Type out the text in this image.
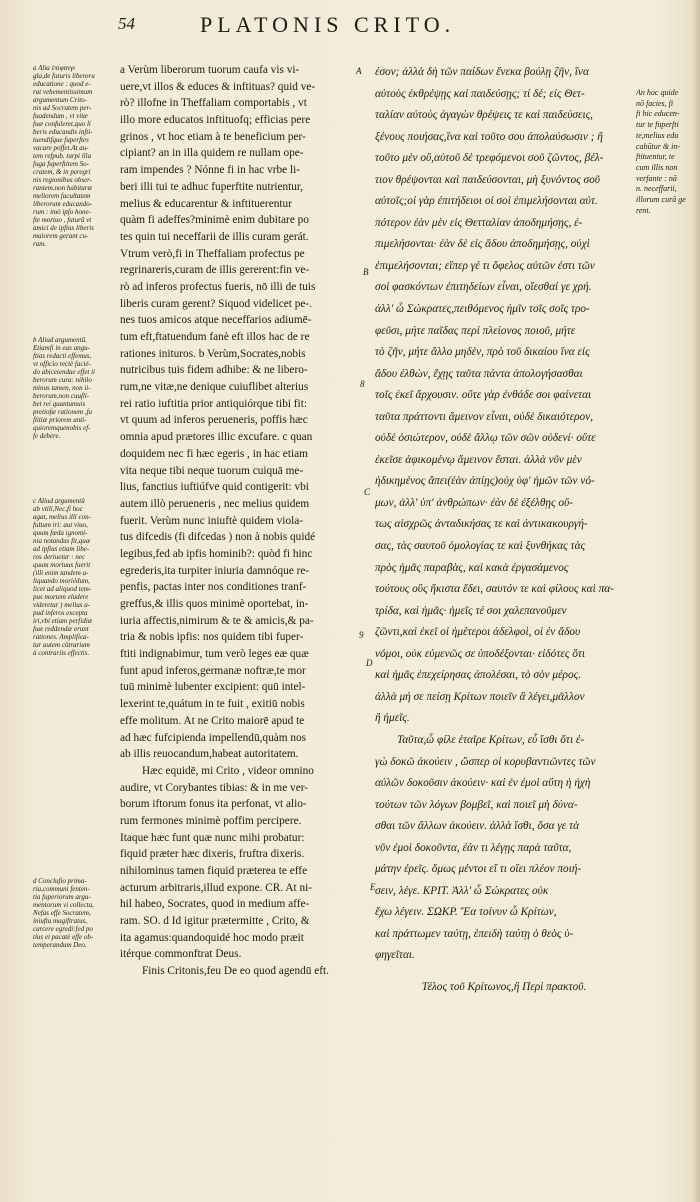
54	PLATONIS CRITO.
a Alia ἐπιφανγι
gla,de futuris liberoru
educatione : quod e-
rat vehementissimum
argumentum Crito-
nis ad Socratem per-
fuadendum , vt vitæ
fuæ confuleret,quo li
beris educandis infti-
tuendifque fuperftes
vacare poffet.At au-
tem refpub. turpi illa
fuga fuperftitem So-
cratem, & in peregri
nis regionibus obser-
rantem,non habituræ
meliorem facultatem
liberorum educando-
rum : imò ipfo hone-
fte mortuo , futurū vt
amici de ipfius liberis
maiorem gerant cu-
ram.
b Aliud argumentū.
Etiamfi in eas angu-
ftias redacti effemus,
vt officio rectè facié-
do abiceiendae effet ii
berorum cura: nihilo
minus tamen, non ii-
berorum,non cuuflí-
bet rei quantumuis
pretiofæ rationem ,fu
ftitiæ priorem anti-
quioremquenobis ef-
fe debere.
c Aliud argumentū
ab vtili,Nec,fi hoc
agat, melius illi con-
fultum iri: aut viuo,
quum fœda ignomi-
nia notandus fit,quæ
ad ipfius etiam libe-
ros deriuetur : nec
quum mortuus fuerit
(illi enim tandem a-
liquando moriédum,
licet ad aliquod tem-
pus mortem eludere
videretur ) melius a-
pud inferos excepta
iri,vbi etiam perfidiæ
fuæ reddendæ erunt
rationes. Amplifica-
tur autem cötrarium
à contrariis effectis.
d Conclufio prima-
ria,communi fenten-
tia fuperiorum argu-
mentorum vi collecta,
Nefas effe Socratem,
iniuftu magiftratus,
carcere egredi:fed po
tius ei pacatè effe ob-
temperandum Deo.
a Verùm liberorum tuorum caufa vis vi-
uere,vt illos & educes & inftituas? quid ve-
rò? illofne in Theffaliam comportabis , vt
illo more educatos inftituofq; efficias pere
grinos , vt hoc etiam à te beneficium per-
cipiant? an in illa quidem re nullam ope-
ram impendes ? Nónne fi in hac vrbe li-
beri illi tui te adhuc fuperftite nutrientur,
melius & educarentur & inftituerentur
quàm fi adeffes?minimè enim dubitare po
tes quin tui neceffarii de illis curam gerát.
Vtrum verò,fi in Theffaliam profectus pe
regrinareris,curam de illis gererent:fin ve-
rò ad inferos profectus fueris, nō illi de tuis
liberis curam gerent? Siquod videlicet pe-.
nes tuos amicos atque neceffarios adiumē-
tum eft,ftatuendum fanè eft illos hac de re
rationes inituros. b Verùm,Socrates,nobis
nutricibus tuis fidem adhibe: & ne libero-
rum,ne vitæ,ne denique cuiuflibet alterius
rei ratio iuftitia prior antiquiórque tibi fit:
vt quum ad inferos perueneris, poffis hæc
omnia apud prætores illic excufare. c quan
doquidem nec fi hæc egeris , in hac etiam
vita neque tibi neque tuorum cuiquā me-
lius, fanctius iuftiúfve quid contigerit: vbi
autem illò perueneris , nec melius quidem
fuerit. Verùm nunc iniuftè quidem viola-
tus difcedis (fi difcedas ) non à nobis quidé
legibus,fed ab ipfis hominib?: quòd fi hinc
egrederis,ita turpiter iniuria damnóque re-
penfis, pactas inter nos conditiones tranf-
greffus,& illis quos minimè oportebat, in-
iuria affectis,nimirum & te & amicis,& pa-
tria & nobis ipfis: nos quidem tibi fuper-
ftiti indignabimur, tum verò leges eæ quæ
funt apud inferos,germanæ noftræ,te mor
tuū minimè lubenter excipient: quū intel-
lexerint te,quátum in te fuit , exitiū nobis
effe molitum. At ne Crito maiorē apud te
ad hæc fufcipienda impellendū,quàm nos
ab illis reuocandum,habeat autoritatem.
Hæc equidē, mi Crito , videor omnino
audire, vt Corybantes tibias: & in me ver-
borum iftorum fonus ita perfonat, vt alio-
rum fermones minimè poffim percipere.
Itaque hæc funt quæ nunc mihi probatur:
fiquid præter hæc dixeris, fruftra dixeris.
nihilominus tamen fiquid præterea te effe
acturum arbitraris,illud expone. CR. At ni-
hil habeo, Socrates, quod in medium affe-
ram. SO. d Id igitur prætermitte , Crito, &
ita agamus:quandoquidé hoc modo præit
itérque commonftrat Deus.
Finis Critonis,feu De eo quod agendū eft.
A
B
8
C
9
D
E
ἐσον; ἀλλὰ δὴ τῶν παίδων ἕνεκα βούλῃ ζῆν, ἵνα
αὐτοὺς ἐκθρέψῃς καὶ παιδεύσῃς; τί δέ; εἰς Θετ-
ταλίαν αὐτοὺς ἀγαγὼν θρέψεις τε καὶ παιδεύσεις,
ξένους ποιήσας,ἵνα καὶ τοῦτο σου ἀπολαύσωσιν ; ἢ
τοῦτο μὲν οὔ,αὐτοῦ δὲ τρεφόμενοι σοῦ ζῶντος, βέλ-
τιον θρέψονται καὶ παιδεύσονται, μὴ ξυνόντος σοῦ
αὐτοῖς;οἱ γὰρ ἐπιτήδειοι οἱ σοὶ ἐπιμελήσονται αὐτ.
πότερον ἐὰν μὲν εἰς Θετταλίαν ἀποδημήσῃς, ἐ-
πιμελήσονται· ἐὰν δὲ εἰς ἅδου ἀποδημήσῃς, οὐχὶ
ἐπιμελήσονται; εἴπερ γέ τι ὄφελος αὐτῶν ἐστι τῶν
σοὶ φασκόντων ἐπιτηδείων εἶναι, οἴεσθαί γε χρή.
ἀλλ' ὦ Σώκρατες,πειθόμενος ἡμῖν τοῖς σοῖς τρο-
φεῦσι, μήτε παῖδας περὶ πλείονος ποιοῦ, μήτε
τὸ ζῆν, μήτε ἄλλο μηδὲν, πρὸ τοῦ δικαίου ἵνα εἰς
ἅδου ἐλθὼν, ἔχῃς ταῦτα πάντα ἀπολογήσασθαι
τοῖς ἐκεῖ ἄρχουσιν. οὔτε γὰρ ἐνθάδε σοι φαίνεται
ταῦτα πράττοντι ἄμεινον εἶναι, οὐδὲ δικαιότερον,
οὐδὲ ὁσιώτερον, οὐδὲ ἄλλῳ τῶν σῶν οὐδενί· οὔτε
ἐκεῖσε ἀφικομένῳ ἄμεινον ἔσται. ἀλλὰ νῦν μὲν
ἠδικημένος ἄπει(ἐὰν ἀπίῃς)οὐχ ὑφ' ἡμῶν τῶν νό-
μων, ἀλλ' ὑπ' ἀνθρώπων· ἐὰν δὲ ἐξέλθῃς οὕ-
τως αἰσχρῶς ἀνταδικήσας τε καὶ ἀντικακουργή-
σας, τὰς σαυτοῦ ὁμολογίας τε καὶ ξυνθήκας τὰς
πρὸς ἡμᾶς παραβὰς, καὶ κακὰ ἐργασάμενος
τούτους οὓς ἥκιστα ἔδει, σαυτόν τε καὶ φίλους καὶ πα-
τρίδα, καὶ ἡμᾶς· ἡμεῖς τέ σοι χαλεπανοῦμεν
ζῶντι,καὶ ἐκεῖ οἱ ἡμέτεροι ἀδελφοὶ, οἱ ἐν ἅδου
νόμοι, οὐκ εὐμενῶς σε ὑποδέξονται· εἰδότες ὅτι
καὶ ἡμᾶς ἐπεχείρησας ἀπολέσαι, τὸ σὸν μέρος.
ἀλλὰ μή σε πείσῃ Κρίτων ποιεῖν ἃ λέγει,μᾶλλον
ἢ ἡμεῖς.
Ταῦτα,ὦ φίλε ἑταῖρε Κρίτων, εὖ ἴσθι ὅτι ἐ-
γὼ δοκῶ ἀκούειν , ὥσπερ οἱ κορυβαντιῶντες τῶν
αὐλῶν δοκοῦσιν ἀκούειν· καὶ ἐν ἐμοὶ αὕτη ἡ ἠχὴ
τούτων τῶν λόγων βομβεῖ, καὶ ποιεῖ μὴ δύνα-
σθαι τῶν ἄλλων ἀκούειν. ἀλλὰ ἴσθι, ὅσα γε τὰ
νῦν ἐμοὶ δοκοῦντα, ἐάν τι λέγῃς παρὰ ταῦτα,
μάτην ἐρεῖς. ὅμως μέντοι εἴ τι οἴει πλέον ποιή-
σειν, λέγε. ΚΡΙΤ. Ἀλλ' ὦ Σώκρατες οὐκ
ἔχω λέγειν. ΣΩΚΡ. Ἔα τοίνυν ὦ Κρίτων,
καὶ πράττωμεν ταύτῃ, ἐπειδὴ ταύτῃ ὁ θεὸς ὑ-
φηγεῖται.
Τέλος τοῦ Κρίτωνος,ἢ Περὶ πρακτοῦ.
An hoc quide
nō facies, fi
fi hic educen-
tur te fuperfti
te,melius edu
cabūtur & in-
ftituentur, te
cum illis non
verfante : nā
n. neceffarii,
illorum curā ge
rent.
